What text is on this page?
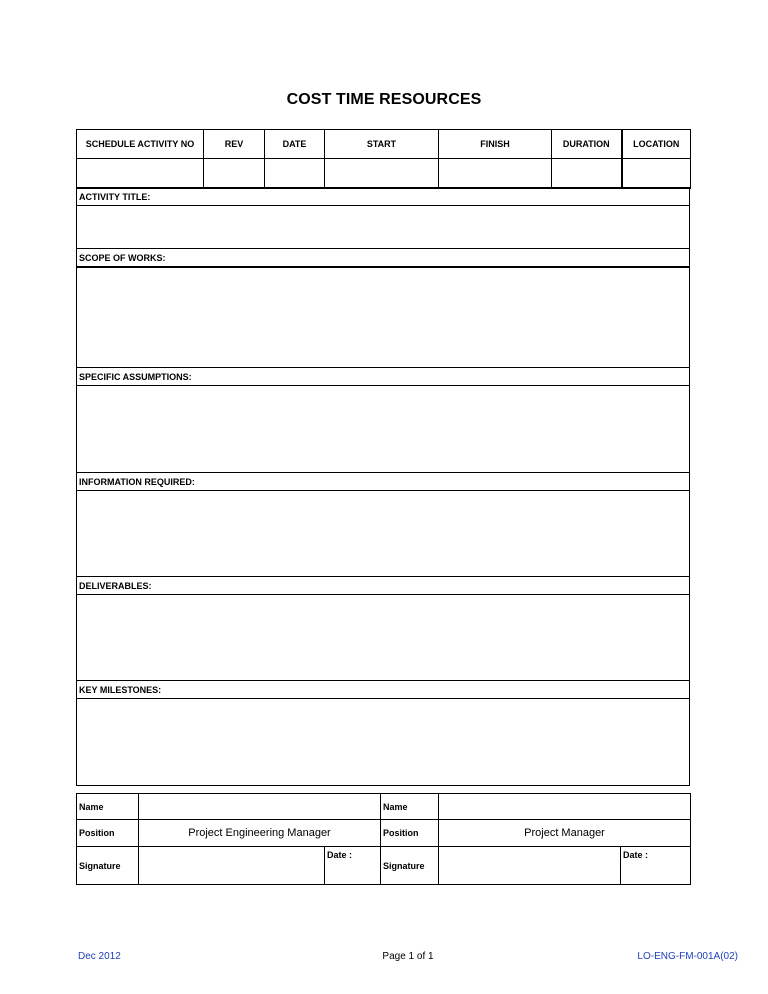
COST TIME RESOURCES
SCHEDULE ACTIVITY NO	REV	DATE	START	FINISH	DURATION	LOCATION

ACTIVITY TITLE:

SCOPE OF WORKS:

SPECIFIC ASSUMPTIONS:

INFORMATION REQUIRED:

DELIVERABLES:

KEY MILESTONES:

Name			Name		
Position	Project Engineering Manager		Position	Project Manager	
Signature		Date :	Signature		Date :
Dec 2012	Page 1 of 1	LO-ENG-FM-001A(02)
